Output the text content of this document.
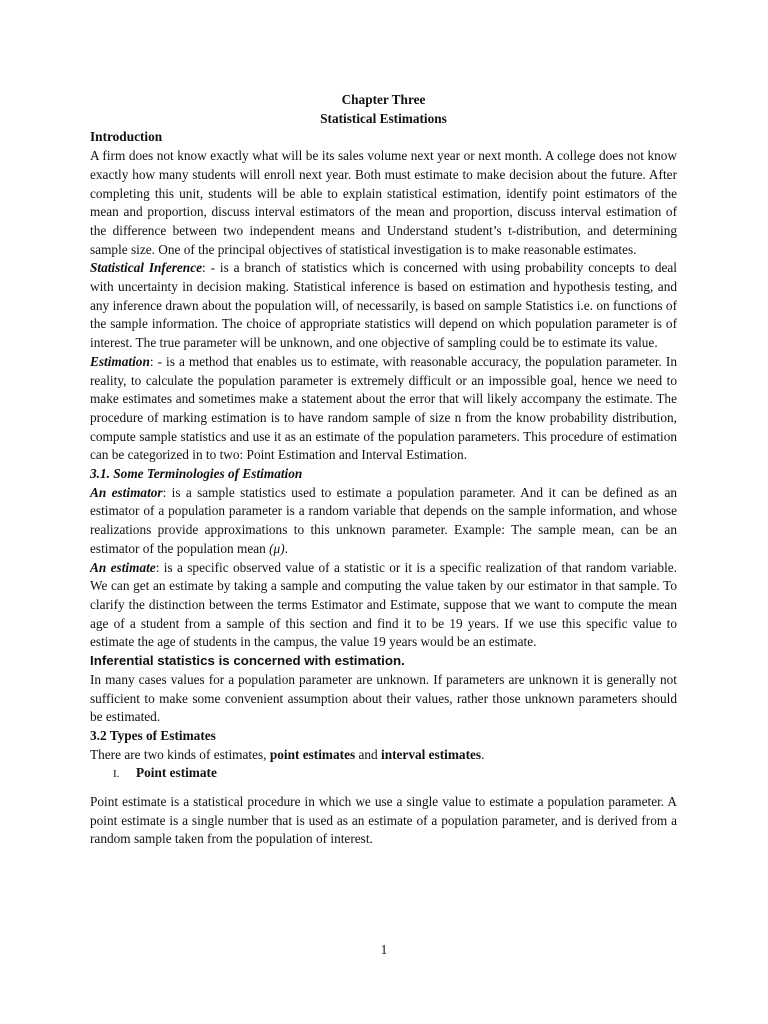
Chapter Three
Statistical Estimations

Introduction

A firm does not know exactly what will be its sales volume next year or next month. A college does not know exactly how many students will enroll next year. Both must estimate to make decision about the future. After completing this unit, students will be able to explain statistical estimation, identify point estimators of the mean and proportion, discuss interval estimators of the mean and proportion, discuss interval estimation of the difference between two independent means and Understand student’s t-distribution, and determining sample size. One of the principal objectives of statistical investigation is to make reasonable estimates.

Statistical Inference: - is a branch of statistics which is concerned with using probability concepts to deal with uncertainty in decision making. Statistical inference is based on estimation and hypothesis testing, and any inference drawn about the population will, of necessarily, is based on sample Statistics i.e. on functions of the sample information. The choice of appropriate statistics will depend on which population parameter is of interest. The true parameter will be unknown, and one objective of sampling could be to estimate its value.

Estimation: - is a method that enables us to estimate, with reasonable accuracy, the population parameter. In reality, to calculate the population parameter is extremely difficult or an impossible goal, hence we need to make estimates and sometimes make a statement about the error that will likely accompany the estimate. The procedure of marking estimation is to have random sample of size n from the know probability distribution, compute sample statistics and use it as an estimate of the population parameters. This procedure of estimation can be categorized in to two: Point Estimation and Interval Estimation.

3.1. Some Terminologies of Estimation

An estimator: is a sample statistics used to estimate a population parameter. And it can be defined as an estimator of a population parameter is a random variable that depends on the sample information, and whose realizations provide approximations to this unknown parameter. Example: The sample mean, can be an estimator of the population mean (μ).

An estimate: is a specific observed value of a statistic or it is a specific realization of that random variable. We can get an estimate by taking a sample and computing the value taken by our estimator in that sample. To clarify the distinction between the terms Estimator and Estimate, suppose that we want to compute the mean age of a student from a sample of this section and find it to be 19 years. If we use this specific value to estimate the age of students in the campus, the value 19 years would be an estimate.

Inferential statistics is concerned with estimation.

In many cases values for a population parameter are unknown. If parameters are unknown it is generally not sufficient to make some convenient assumption about their values, rather those unknown parameters should be estimated.

3.2 Types of Estimates

There are two kinds of estimates, point estimates and interval estimates.

I. Point estimate

Point estimate is a statistical procedure in which we use a single value to estimate a population parameter. A point estimate is a single number that is used as an estimate of a population parameter, and is derived from a random sample taken from the population of interest.

1
